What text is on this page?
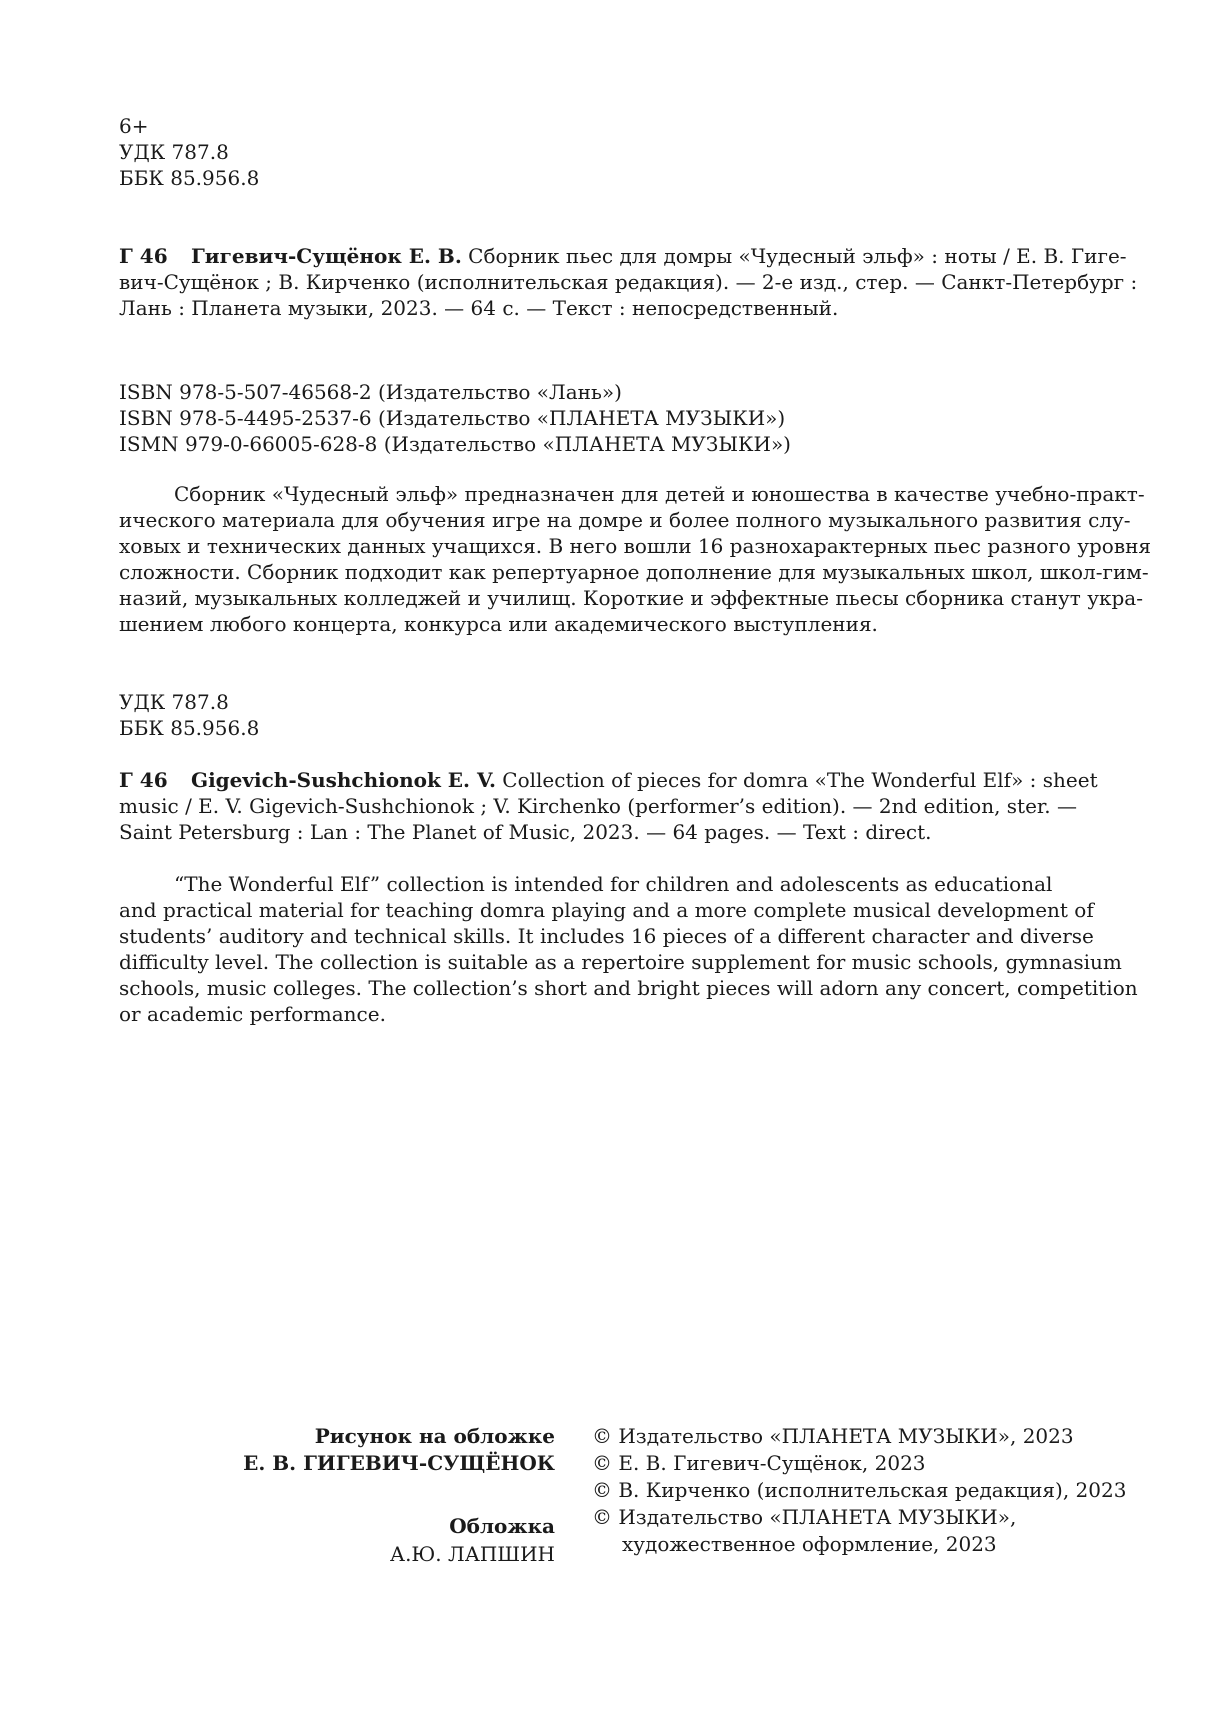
6+
УДК 787.8
ББК 85.956.8
Г 46 Гигевич-Сущёнок Е. В. Сборник пьес для домры «Чудесный эльф» : ноты / Е. В. Гиге-
вич-Сущёнок ; В. Кирченко (исполнительская редакция). — 2-е изд., стер. — Санкт-Петербург :
Лань : Планета музыки, 2023. — 64 с. — Текст : непосредственный.
ISBN 978-5-507-46568-2 (Издательство «Лань»)
ISBN 978-5-4495-2537-6 (Издательство «ПЛАНЕТА МУЗЫКИ»)
ISMN 979-0-66005-628-8 (Издательство «ПЛАНЕТА МУЗЫКИ»)
Сборник «Чудесный эльф» предназначен для детей и юношества в качестве учебно-практ-
ического материала для обучения игре на домре и более полного музыкального развития слу-
ховых и технических данных учащихся. В него вошли 16 разнохарактерных пьес разного уровня
сложности. Сборник подходит как репертуарное дополнение для музыкальных школ, школ-гим-
назий, музыкальных колледжей и училищ. Короткие и эффектные пьесы сборника станут укра-
шением любого концерта, конкурса или академического выступления.
УДК 787.8
ББК 85.956.8
Г 46 Gigevich-Sushchionok E. V. Collection of pieces for domra «The Wonderful Elf» : sheet
music / E. V. Gigevich-Sushchionok ; V. Kirchenko (performer’s edition). — 2nd edition, ster. —
Saint Petersburg : Lan : The Planet of Music, 2023. — 64 pages. — Text : direct.
“The Wonderful Elf” collection is intended for children and adolescents as educational
and practical material for teaching domra playing and a more complete musical development of
students’ auditory and technical skills. It includes 16 pieces of a different character and diverse
difficulty level. The collection is suitable as a repertoire supplement for music schools, gymnasium
schools, music colleges. The collection’s short and bright pieces will adorn any concert, competition
or academic performance.
Рисунок на обложке
Е. В. ГИГЕВИЧ-СУЩЁНОК
Обложка
А.Ю. ЛАПШИН
© Издательство «ПЛАНЕТА МУЗЫКИ», 2023
© Е. В. Гигевич-Сущёнок, 2023
© В. Кирченко (исполнительская редакция), 2023
© Издательство «ПЛАНЕТА МУЗЫКИ»,
художественное оформление, 2023
